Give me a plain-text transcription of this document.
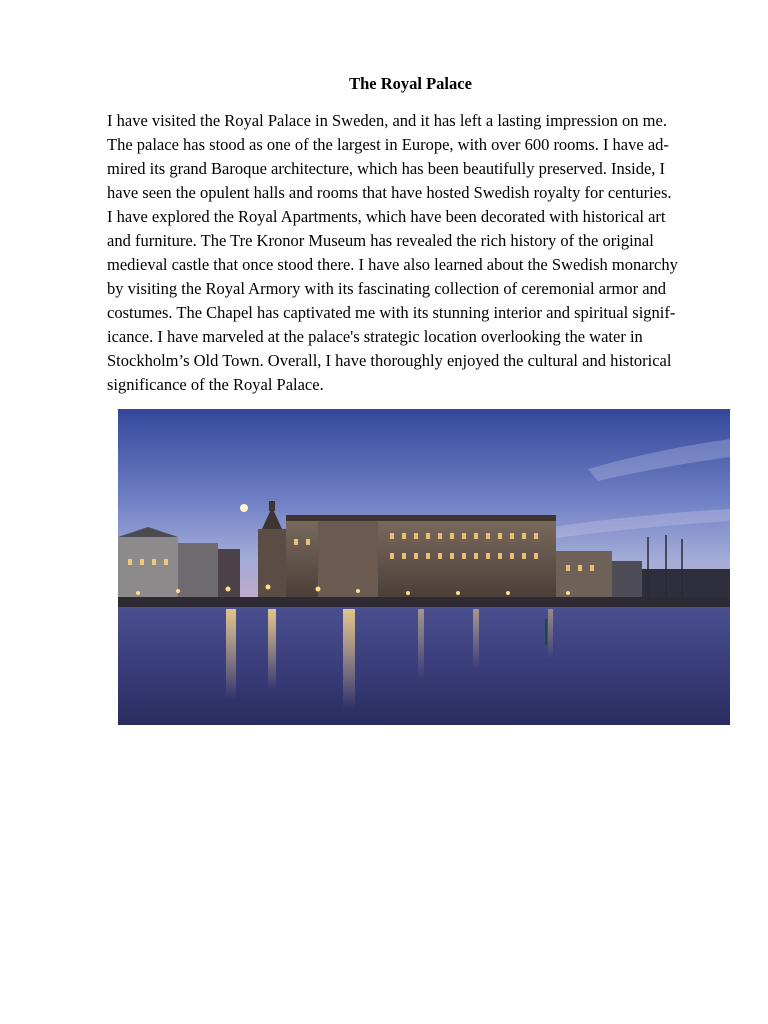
The Royal Palace
I have visited the Royal Palace in Sweden, and it has left a lasting impression on me.
The palace has stood as one of the largest in Europe, with over 600 rooms. I have ad-
mired its grand Baroque architecture, which has been beautifully preserved. Inside, I
have seen the opulent halls and rooms that have hosted Swedish royalty for centuries.
I have explored the Royal Apartments, which have been decorated with historical art
and furniture. The Tre Kronor Museum has revealed the rich history of the original
medieval castle that once stood there. I have also learned about the Swedish monarchy
by visiting the Royal Armory with its fascinating collection of ceremonial armor and
costumes. The Chapel has captivated me with its stunning interior and spiritual signif-
icance. I have marveled at the palace's strategic location overlooking the water in
Stockholm’s Old Town. Overall, I have thoroughly enjoyed the cultural and historical
significance of the Royal Palace.
